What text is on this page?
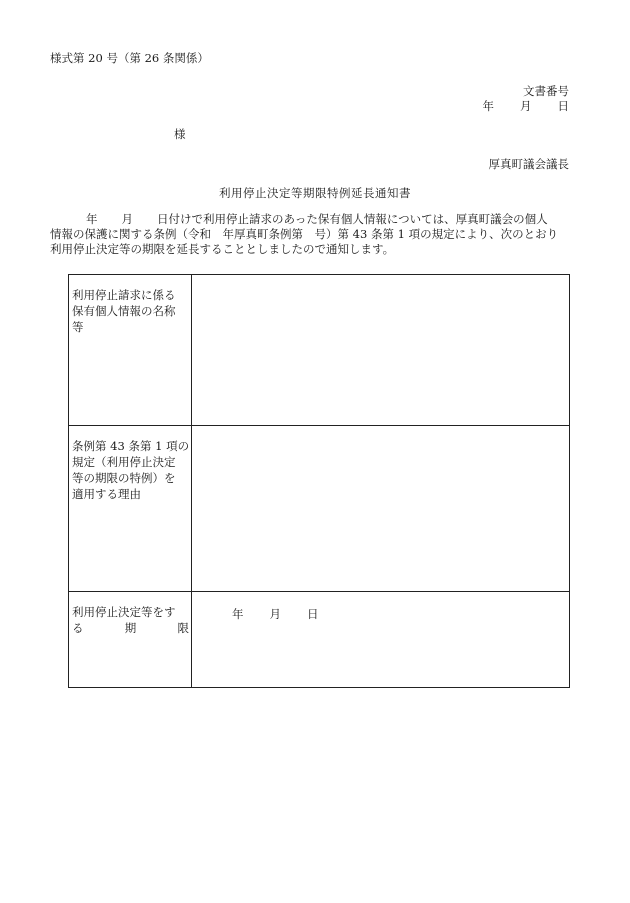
様式第 20 号（第 26 条関係）
文書番号
年 月 日
様
厚真町議会議長
利用停止決定等期限特例延長通知書
年 月 日付けで利用停止請求のあった保有個人情報については、厚真町議会の個人
情報の保護に関する条例（令和　年厚真町条例第　号）第 43 条第 1 項の規定により、次のとおり
利用停止決定等の期限を延長することとしましたので通知します。
利用停止請求に係る
保有個人情報の名称
等	

条例第 43 条第 1 項の
規定（利用停止決定
等の期限の特例）を
適用する理由	

利用停止決定等をす
る 期 限	年 月 日
